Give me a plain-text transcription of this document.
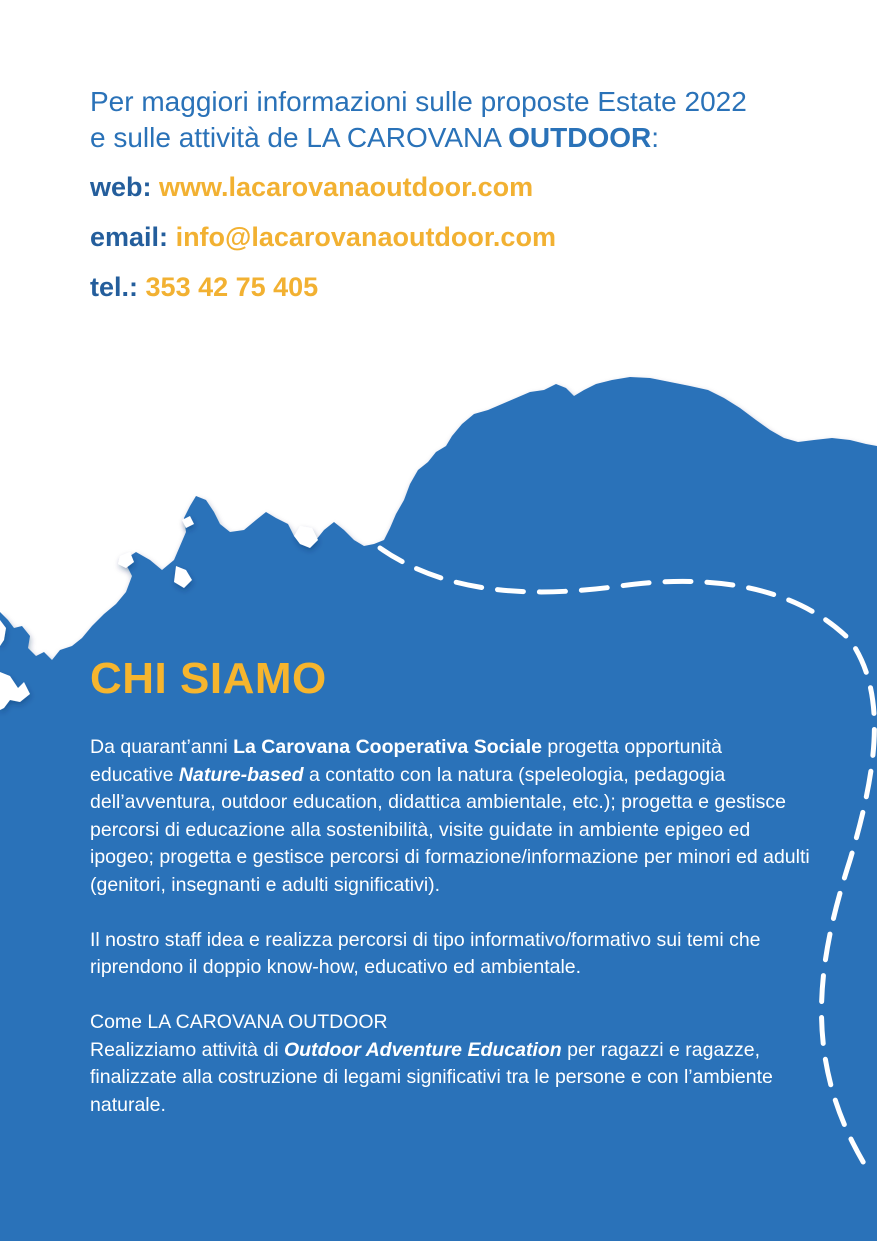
Per maggiori informazioni sulle proposte Estate 2022
e sulle attività de LA CAROVANA OUTDOOR:
web: www.lacarovanaoutdoor.com
email: info@lacarovanaoutdoor.com
tel.: 353 42 75 405
CHI SIAMO

Da quarant’anni La Carovana Cooperativa Sociale progetta opportunità educative Nature-based a contatto con la natura (speleologia, pedagogia dell’avventura, outdoor education, didattica ambientale, etc.); progetta e gestisce percorsi di educazione alla sostenibilità, visite guidate in ambiente epigeo ed ipogeo; progetta e gestisce percorsi di formazione/informazione per minori ed adulti (genitori, insegnanti e adulti significativi).

Il nostro staff idea e realizza percorsi di tipo informativo/formativo sui temi che riprendono il doppio know-how, educativo ed ambientale.

Come LA CAROVANA OUTDOOR
Realizziamo attività di Outdoor Adventure Education per ragazzi e ragazze, finalizzate alla costruzione di legami significativi tra le persone e con l’ambiente naturale.
